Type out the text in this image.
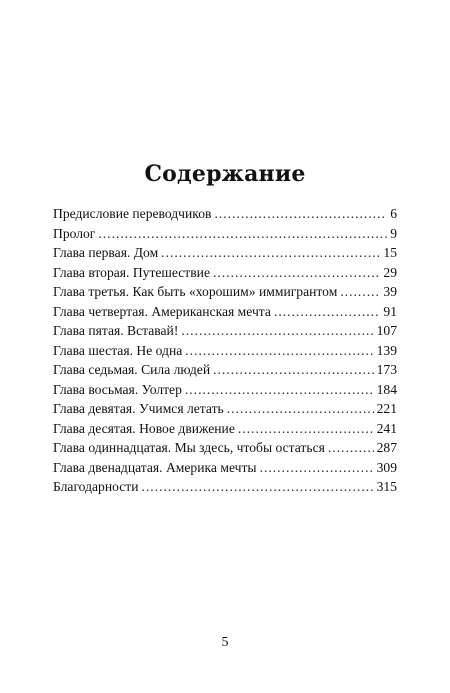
Содержание
Предисловие переводчиков . . .	6
Пролог . . .	9
Глава первая. Дом . . .	15
Глава вторая. Путешествие . . .	29
Глава третья. Как быть «хорошим» иммигрантом . . .	39
Глава четвертая. Американская мечта . . .	91
Глава пятая. Вставай! . . .	107
Глава шестая. Не одна . . .	139
Глава седьмая. Сила людей . . .	173
Глава восьмая. Уолтер . . .	184
Глава девятая. Учимся летать . . .	221
Глава десятая. Новое движение . . .	241
Глава одиннадцатая. Мы здесь, чтобы остаться . . .	287
Глава двенадцатая. Америка мечты . . .	309
Благодарности . . .	315
5
